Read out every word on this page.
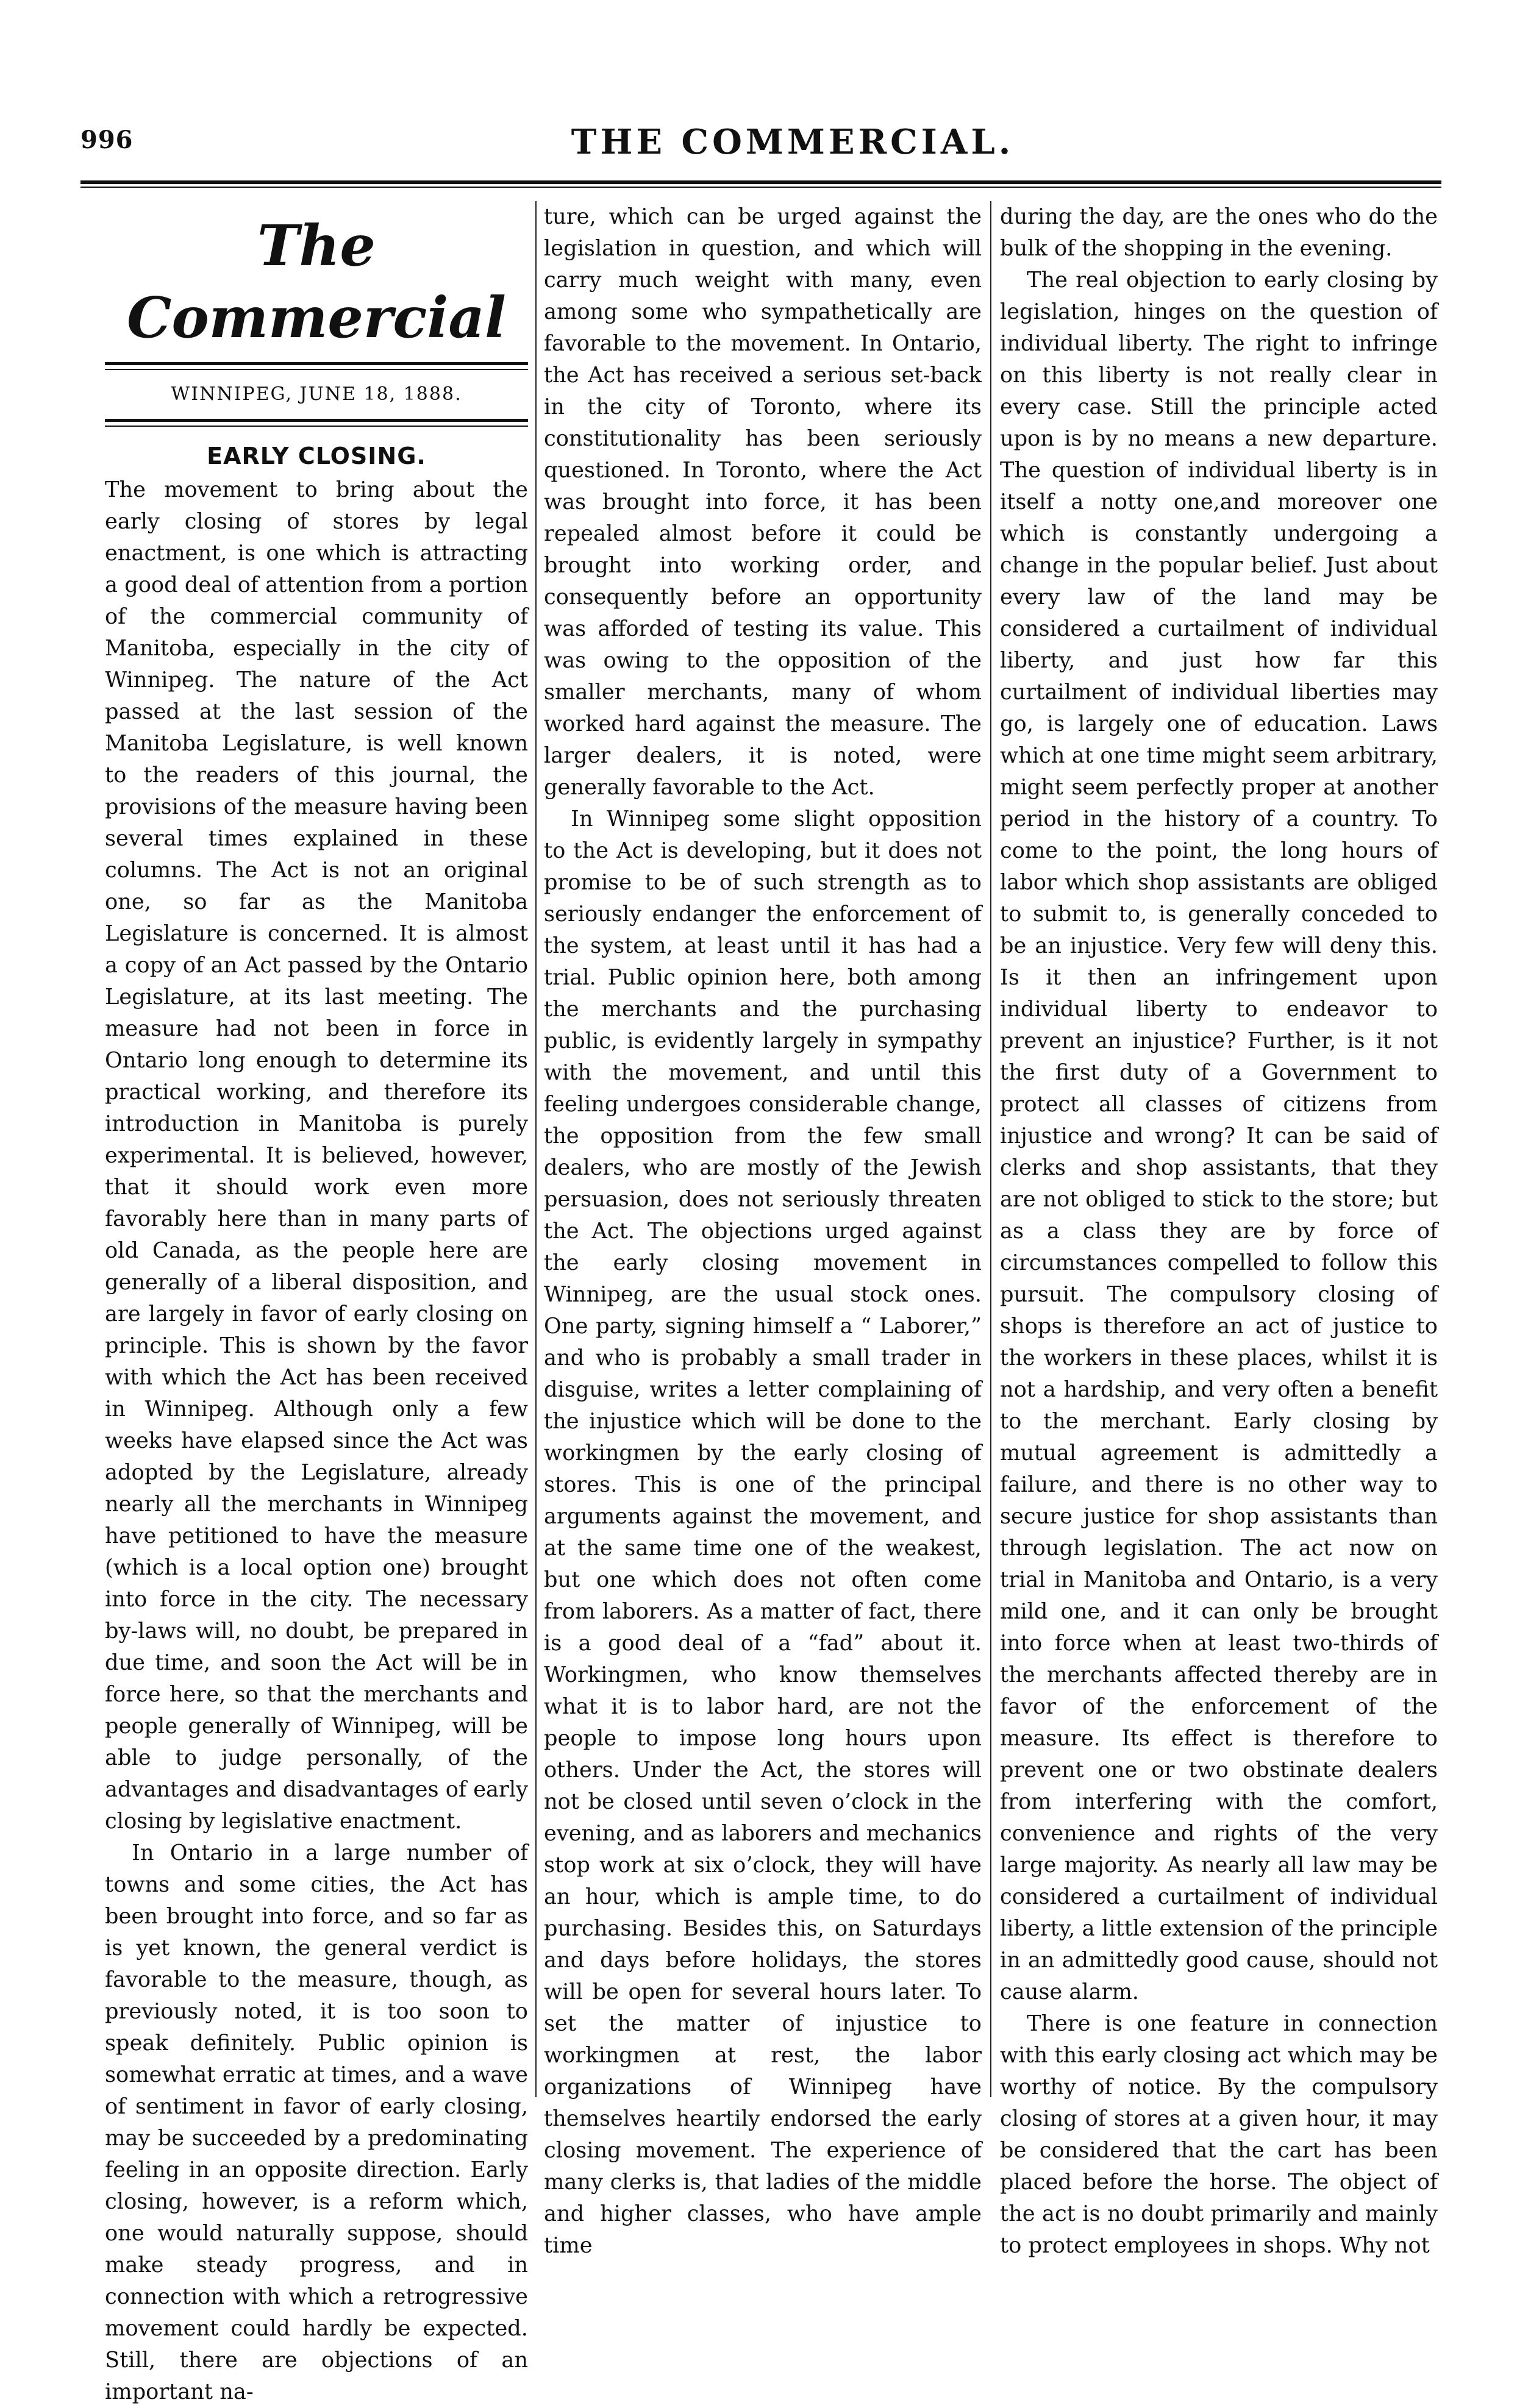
996	THE COMMERCIAL.
The Commercial
WINNIPEG, JUNE 18, 1888.
EARLY CLOSING.

The movement to bring about the early closing of stores by legal enactment, is one which is attracting a good deal of attention from a portion of the commercial community of Manitoba, especially in the city of Winnipeg. The nature of the Act passed at the last session of the Manitoba Legislature, is well known to the readers of this journal, the provisions of the measure having been several times explained in these columns. The Act is not an original one, so far as the Manitoba Legislature is concerned. It is almost a copy of an Act passed by the Ontario Legislature, at its last meeting. The measure had not been in force in Ontario long enough to determine its practical working, and therefore its introduction in Manitoba is purely experimental. It is believed, however, that it should work even more favorably here than in many parts of old Canada, as the people here are generally of a liberal disposition, and are largely in favor of early closing on principle. This is shown by the favor with which the Act has been received in Winnipeg. Although only a few weeks have elapsed since the Act was adopted by the Legislature, already nearly all the merchants in Winnipeg have petitioned to have the measure (which is a local option one) brought into force in the city. The necessary by-laws will, no doubt, be prepared in due time, and soon the Act will be in force here, so that the merchants and people generally of Winnipeg, will be able to judge personally, of the advantages and disadvantages of early closing by legislative enactment.

In Ontario in a large number of towns and some cities, the Act has been brought into force, and so far as is yet known, the general verdict is favorable to the measure, though, as previously noted, it is too soon to speak definitely. Public opinion is somewhat erratic at times, and a wave of sentiment in favor of early closing, may be succeeded by a predominating feeling in an opposite direction. Early closing, however, is a reform which, one would naturally suppose, should make steady progress, and in connection with which a retrogressive movement could hardly be expected. Still, there are objections of an important na-

ture, which can be urged against the legislation in question, and which will carry much weight with many, even among some who sympathetically are favorable to the movement. In Ontario, the Act has received a serious set-back in the city of Toronto, where its constitutionality has been seriously questioned. In Toronto, where the Act was brought into force, it has been repealed almost before it could be brought into working order, and consequently before an opportunity was afforded of testing its value. This was owing to the opposition of the smaller merchants, many of whom worked hard against the measure. The larger dealers, it is noted, were generally favorable to the Act.

In Winnipeg some slight opposition to the Act is developing, but it does not promise to be of such strength as to seriously endanger the enforcement of the system, at least until it has had a trial. Public opinion here, both among the merchants and the purchasing public, is evidently largely in sympathy with the movement, and until this feeling undergoes considerable change, the opposition from the few small dealers, who are mostly of the Jewish persuasion, does not seriously threaten the Act. The objections urged against the early closing movement in Winnipeg, are the usual stock ones. One party, signing himself a “ Laborer,” and who is probably a small trader in disguise, writes a letter complaining of the injustice which will be done to the workingmen by the early closing of stores. This is one of the principal arguments against the movement, and at the same time one of the weakest, but one which does not often come from laborers. As a matter of fact, there is a good deal of a “fad” about it. Workingmen, who know themselves what it is to labor hard, are not the people to impose long hours upon others. Under the Act, the stores will not be closed until seven o’clock in the evening, and as laborers and mechanics stop work at six o’clock, they will have an hour, which is ample time, to do purchasing. Besides this, on Saturdays and days before holidays, the stores will be open for several hours later. To set the matter of injustice to workingmen at rest, the labor organizations of Winnipeg have themselves heartily endorsed the early closing movement. The experience of many clerks is, that ladies of the middle and higher classes, who have ample time

during the day, are the ones who do the bulk of the shopping in the evening.

The real objection to early closing by legislation, hinges on the question of individual liberty. The right to infringe on this liberty is not really clear in every case. Still the principle acted upon is by no means a new departure. The question of individual liberty is in itself a notty one,and moreover one which is constantly undergoing a change in the popular belief. Just about every law of the land may be considered a curtailment of individual liberty, and just how far this curtailment of individual liberties may go, is largely one of education. Laws which at one time might seem arbitrary, might seem perfectly proper at another period in the history of a country. To come to the point, the long hours of labor which shop assistants are obliged to submit to, is generally conceded to be an injustice. Very few will deny this. Is it then an infringement upon individual liberty to endeavor to prevent an injustice? Further, is it not the first duty of a Government to protect all classes of citizens from injustice and wrong? It can be said of clerks and shop assistants, that they are not obliged to stick to the store; but as a class they are by force of circumstances compelled to follow this pursuit. The compulsory closing of shops is therefore an act of justice to the workers in these places, whilst it is not a hardship, and very often a benefit to the merchant. Early closing by mutual agreement is admittedly a failure, and there is no other way to secure justice for shop assistants than through legislation. The act now on trial in Manitoba and Ontario, is a very mild one, and it can only be brought into force when at least two-thirds of the merchants affected thereby are in favor of the enforcement of the measure. Its effect is therefore to prevent one or two obstinate dealers from interfering with the comfort, convenience and rights of the very large majority. As nearly all law may be considered a curtailment of individual liberty, a little extension of the principle in an admittedly good cause, should not cause alarm.

There is one feature in connection with this early closing act which may be worthy of notice. By the compulsory closing of stores at a given hour, it may be considered that the cart has been placed before the horse. The object of the act is no doubt primarily and mainly to protect employees in shops. Why not
